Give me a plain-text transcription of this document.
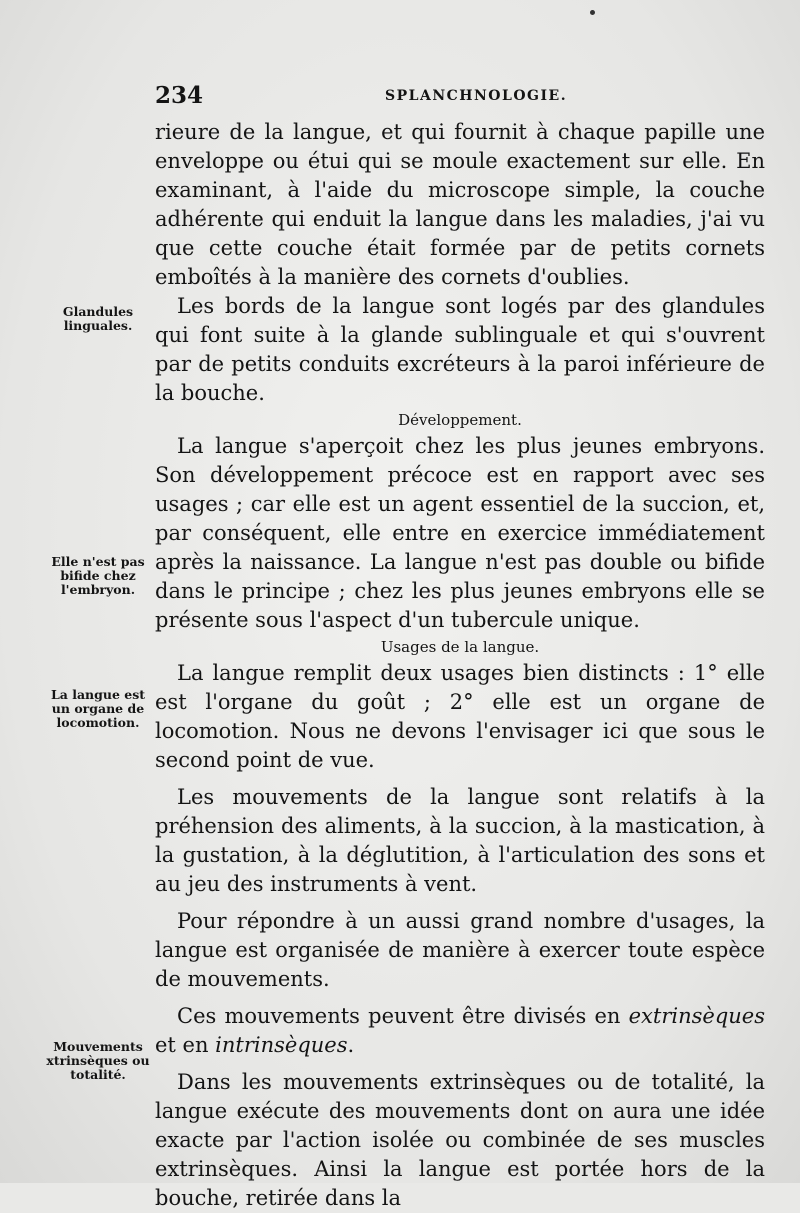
234	SPLANCHNOLOGIE.
Glandules linguales.
Elle n'est pas bifide chez l'embryon.
La langue est un organe de locomotion.
Mouvements xtrinsèques ou totalité.

rieure de la langue, et qui fournit à chaque papille une enveloppe ou étui qui se moule exactement sur elle. En examinant, à l'aide du microscope simple, la couche adhérente qui enduit la langue dans les maladies, j'ai vu que cette couche était formée par de petits cornets emboîtés à la manière des cornets d'oublies.

Les bords de la langue sont logés par des glandules qui font suite à la glande sublinguale et qui s'ouvrent par de petits conduits excréteurs à la paroi inférieure de la bouche.

Développement.

La langue s'aperçoit chez les plus jeunes embryons. Son développement précoce est en rapport avec ses usages ; car elle est un agent essentiel de la succion, et, par conséquent, elle entre en exercice immédiatement après la naissance. La langue n'est pas double ou bifide dans le principe ; chez les plus jeunes embryons elle se présente sous l'aspect d'un tubercule unique.

Usages de la langue.

La langue remplit deux usages bien distincts : 1° elle est l'organe du goût ; 2° elle est un organe de locomotion. Nous ne devons l'envisager ici que sous le second point de vue.

Les mouvements de la langue sont relatifs à la préhension des aliments, à la succion, à la mastication, à la gustation, à la déglutition, à l'articulation des sons et au jeu des instruments à vent.

Pour répondre à un aussi grand nombre d'usages, la langue est organisée de manière à exercer toute espèce de mouvements.

Ces mouvements peuvent être divisés en extrinsèques et en intrinsèques.

Dans les mouvements extrinsèques ou de totalité, la langue exécute des mouvements dont on aura une idée exacte par l'action isolée ou combinée de ses muscles extrinsèques. Ainsi la langue est portée hors de la bouche, retirée dans la
